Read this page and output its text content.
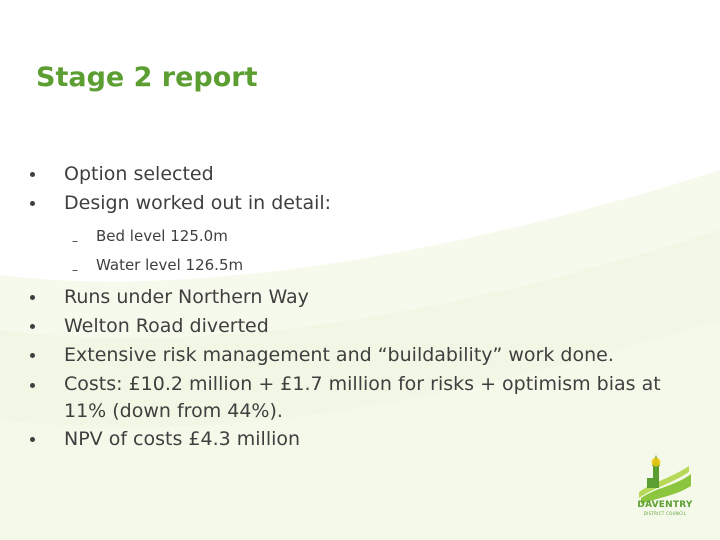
Stage 2 report
Option selected
Design worked out in detail:
– Bed level 125.0m
– Water level 126.5m
Runs under Northern Way
Welton Road diverted
Extensive risk management and “buildability” work done.
Costs: £10.2 million + £1.7 million for risks + optimism bias at 11% (down from 44%).
NPV of costs £4.3 million
DAVENTRY
DISTRICT COUNCIL
